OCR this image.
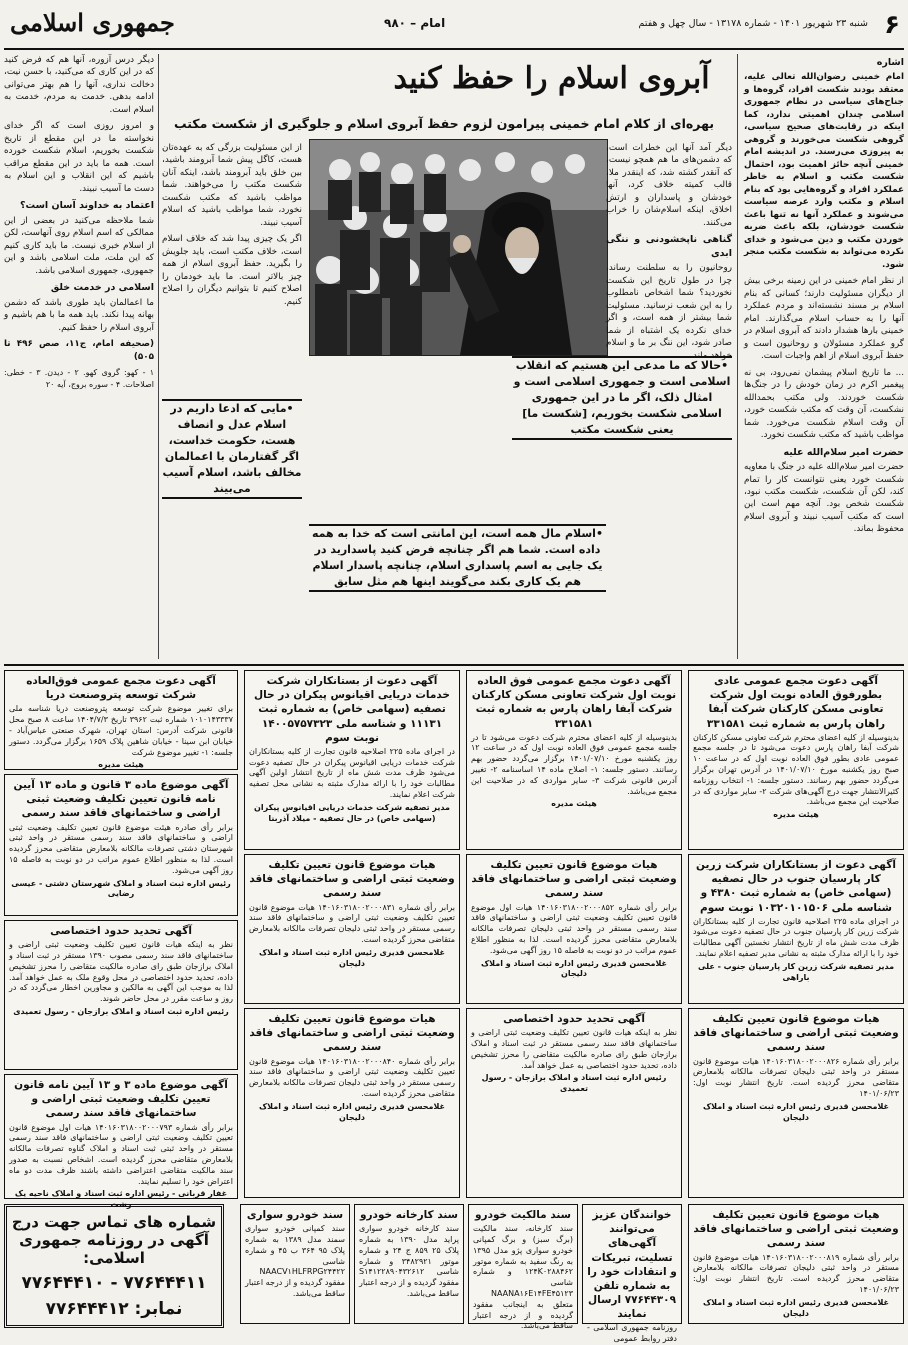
۶
شنبه ۲۳ شهریور ۱۴۰۱ - شماره ۱۳۱۷۸ - سال چهل و هفتم
امام – ۹۸۰
جمهوری اسلامی
اشاره

امام خمینی رضوان‌الله تعالی علیه، معتقد بودند شکست افراد، گروه‌ها و جناح‌های سیاسی در نظام جمهوری اسلامی چندان اهمیتی ندارد، کما اینکه در رقابت‌های صحیح سیاسی، گروهی شکست می‌خورند و گروهی به پیروزی می‌رسند. در اندیشه امام خمینی آنچه حائز اهمیت بود، احتمال شکست مکتب و اسلام به خاطر عملکرد افراد و گروه‌هایی بود که بنام اسلام و مکتب وارد عرصه سیاست می‌شوند و عملکرد آنها نه تنها باعث شکست خودشان، بلکه باعث ضربه خوردن مکتب و دین می‌شود و خدای نکرده می‌تواند به شکست مکتب منجر شود.

از نظر امام خمینی در این زمینه برخی بیش از دیگران مسئولیت دارند؛ کسانی که بنام اسلام بر مسند نشسته‌اند و مردم عملکرد آنها را به حساب اسلام می‌گذارند. امام خمینی بارها هشدار دادند که آبروی اسلام در گرو عملکرد مسئولان و روحانیون است و حفظ آبروی اسلام از اهم واجبات است.

... ما تاریخ اسلام پیشمان نمی‌رود، بی نه پیغمبر اکرم در زمان خودش را در جنگ‌ها شکست خوردند. ولی مکتب بحمدالله نشکست، آن وقت که مکتب شکست خورد، آن وقت اسلام شکست می‌خورد. شما مواظب باشید که مکتب شکست نخورد.

حضرت امیر سلام‌الله علیه

حضرت امیر سلام‌الله علیه در جنگ با معاویه شکست خورد یعنی نتوانست کار را تمام کند، لکن آن شکست، شکست مکتب نبود، شکست شخص بود. آنچه مهم است این است که مکتب آسیب نبیند و آبروی اسلام محفوظ بماند.

آبروی اسلام را حفظ کنید
بهره‌ای از کلام امام خمینی پیرامون لزوم حفظ آبروی اسلام و جلوگیری از شکست مکتب

دیگر آمد آنها این خطرات است، که دشمن‌های ما هم همچو نیست، که آنقدر کشته شد، که اینقدر ملا، قالب کمیته خلاف کرد، آنها خودشان و پاسداران و ارتش اخلاق، اینکه اسلام‌شان را خراب می‌کنند.

گناهی ناپخشودنی و ننگی ابدی

روحانیون را به سلطنت رساند، چرا در طول تاریخ این شکست نخوردید؟ شما اشخاص نامطلوب را به این شعب نرسانید. مسئولیت شما بیشتر از همه است، و اگر خدای نکرده یک اشتباه از شما صادر شود، این ننگ بر ما و اسلام خواهد ماند.

از این مسئولیت بزرگی که به عهده‌تان هست، کاگل پیش شما آبرومند باشید، بین خلق باید آبرومند باشد، اینکه آنان شکست مکتب را می‌خواهند. شما مواظب باشید که مکتب شکست نخورد، شما مواظب باشید که اسلام آسیب نبیند.

اگر یک چیزی پیدا شد که خلاف اسلام است، خلاف مکتب است، باید جلویش را بگیرید. حفظ آبروی اسلام از همه چیز بالاتر است. ما باید خودمان را اصلاح کنیم تا بتوانیم دیگران را اصلاح کنیم.

دیگر درس آزوره، آنها هم که فرض کنید که در این کاری که می‌کنید، با حسن نیت، دخالت نداری، آنها را هم بهتر می‌توانی ادامه بدهی. خدمت به مردم، خدمت به اسلام است.

و امروز روزی است که اگر خدای نخواسته ما در این مقطع از تاریخ شکست بخوریم، اسلام شکست خورده است. همه ما باید در این مقطع مراقب باشیم که این انقلاب و این اسلام به دست ما آسیب نبیند.

اعتماد به خداوند آسان است؟

شما ملاحظه می‌کنید در بعضی از این ممالکی که اسم اسلام روی آنهاست، لکن از اسلام خبری نیست. ما باید کاری کنیم که این ملت، ملت اسلامی باشد و این جمهوری، جمهوری اسلامی باشد.

اسلامی در خدمت خلق

ما اعمالمان باید طوری باشد که دشمن بهانه پیدا نکند. باید همه ما با هم باشیم و آبروی اسلام را حفظ کنیم.

(صحیفه امام، ج۱۱، صص ۴۹۶ تا ۵۰۵)

۱ - کهو: گروی کهو. ۲ - دیدن. ۳ - خطی: اصلاحات. ۴ - سوره بروج، آیه ۲۰

•حالا که ما مدعی این هستیم که انقلاب اسلامی است و جمهوری اسلامی است و امثال ذلک، اگر ما در این جمهوری اسلامی شکست بخوریم، [شکست ما] یعنی شکست مکتب
•مایی که ادعا داریم در اسلام عدل و انصاف هست، حکومت خداست، اگر گفتارمان با اعمالمان مخالف باشد، اسلام آسیب می‌بیند
•اسلام مال همه است، این امانتی است که خدا به همه داده است. شما هم اگر چنانچه فرض کنید پاسدارید در یک جایی به اسم پاسداری اسلام، چنانچه پاسدار اسلام هم یک کاری بکند می‌گویند اینها هم مثل سابق
آگهی دعوت مجمع عمومی عادی بطورفوق العاده نوبت اول شرکت تعاونی مسکن کارکنان شرکت آبفا راهان پارس به شماره ثبت ۳۳۱۵۸۱
بدینوسیله از کلیه اعضای محترم شرکت تعاونی مسکن کارکنان شرکت آبفا راهان پارس دعوت می‌شود تا در جلسه مجمع عمومی عادی بطور فوق العاده نوبت اول که در ساعت ۱۰ صبح روز یکشنبه مورخ ۱۴۰۱/۰۷/۱۰ در آدرس تهران برگزار می‌گردد حضور بهم رسانند. دستور جلسه: ۱- انتخاب روزنامه کثیرالانتشار جهت درج آگهی‌های شرکت ۲- سایر مواردی که در صلاحیت این مجمع می‌باشد.
هیئت مدیره
آگهی دعوت مجمع عمومی فوق العاده نوبت اول شرکت تعاونی مسکن کارکنان شرکت آبفا راهان پارس به شماره ثبت ۳۳۱۵۸۱
بدینوسیله از کلیه اعضای محترم شرکت دعوت می‌شود تا در جلسه مجمع عمومی فوق العاده نوبت اول که در ساعت ۱۲ روز یکشنبه مورخ ۱۴۰۱/۰۷/۱۰ برگزار می‌گردد حضور بهم رسانند. دستور جلسه: ۱- اصلاح ماده ۱۴ اساسنامه ۲- تغییر آدرس قانونی شرکت ۳- سایر مواردی که در صلاحیت این مجمع می‌باشد.
هیئت مدیره
آگهی دعوت از بستانکاران شرکت خدمات دریایی اقیانوس پیکران در حال تصفیه (سهامی خاص) به شماره ثبت ۱۱۱۳۱ و شناسه ملی ۱۴۰۰۵۷۵۷۳۲۳ نوبت سوم
در اجرای ماده ۲۲۵ اصلاحیه قانون تجارت از کلیه بستانکاران شرکت خدمات دریایی اقیانوس پیکران در حال تصفیه دعوت می‌شود ظرف مدت شش ماه از تاریخ انتشار اولین آگهی مطالبات خود را با ارائه مدارک مثبته به نشانی محل تصفیه شرکت اعلام نمایند.
مدیر تصفیه شرکت خدمات دریایی اقیانوس پیکران (سهامی خاص) در حال تصفیه - میلاد آذربنا
آگهی دعوت مجمع عمومی فوق‌العاده شرکت توسعه پتروصنعت دریا
برای تغییر موضوع شرکت توسعه پتروصنعت دریا شناسه ملی ۱۰۱۰۱۴۳۳۳۷ شماره ثبت ۳۹۶۲ تاریخ ۱۴۰۴/۷/۳ ساعت ۸ صبح محل قانونی شرکت آدرس: استان تهران، شهرک صنعتی عباس‌آباد - خیابان ابن سینا - خیابان شاهین پلاک ۱۶۵۹ برگزار می‌گردد. دستور جلسه: ۱- تغییر موضوع شرکت
هیئت مدیره
آگهی موضوع ماده ۳ قانون و ماده ۱۳ آیین نامه قانون تعیین تکلیف وضعیت ثبتی اراضی و ساختمانهای فاقد سند رسمی
برابر رأی صادره هیئت موضوع قانون تعیین تکلیف وضعیت ثبتی اراضی و ساختمانهای فاقد سند رسمی مستقر در واحد ثبتی شهرستان دشتی تصرفات مالکانه بلامعارض متقاضی محرز گردیده است. لذا به منظور اطلاع عموم مراتب در دو نوبت به فاصله ۱۵ روز آگهی می‌شود.
رئیس اداره ثبت اسناد و املاک شهرستان دشتی - عیسی رضایی
آگهی تحدید حدود اختصاصی
نظر به اینکه هیات قانون تعیین تکلیف وضعیت ثبتی اراضی و ساختمانهای فاقد سند رسمی مصوب ۱۳۹۰ مستقر در ثبت اسناد و املاک برازجان طبق رای صادره مالکیت متقاضی را محرز تشخیص داده، تحدید حدود اختصاصی در محل وقوع ملک به عمل خواهد آمد. لذا به موجب این آگهی به مالکین و مجاورین اخطار می‌گردد که در روز و ساعت مقرر در محل حاضر شوند.
رئیس اداره ثبت اسناد و املاک برازجان - رسول تعمیدی
آگهی موضوع ماده ۳ و ۱۳ آیین نامه قانون تعیین تکلیف وضعیت ثبتی اراضی و ساختمانهای فاقد سند رسمی
برابر رأی شماره ۱۴۰۱۶۰۳۱۸۰۰۲۰۰۰۷۹۳ هیات اول موضوع قانون تعیین تکلیف وضعیت ثبتی اراضی و ساختمانهای فاقد سند رسمی مستقر در واحد ثبتی ثبت اسناد و املاک گناوه تصرفات مالکانه بلامعارض متقاضی محرز گردیده است. اشخاص نسبت به صدور سند مالکیت متقاضی اعتراضی داشته باشند ظرف مدت دو ماه اعتراض خود را تسلیم نمایند.
غفار قربانی - رئیس اداره ثبت اسناد و املاک ناحیه یک رشت
آگهی دعوت از بستانکاران شرکت زرین کار پارسیان جنوب در حال تصفیه (سهامی خاص) به شماره ثبت ۴۳۸۰ و شناسه ملی ۱۰۳۲۰۱۰۱۵۰۶ نوبت سوم
در اجرای ماده ۲۲۵ اصلاحیه قانون تجارت از کلیه بستانکاران شرکت زرین کار پارسیان جنوب در حال تصفیه دعوت می‌شود ظرف مدت شش ماه از تاریخ انتشار نخستین آگهی مطالبات خود را با ارائه مدارک مثبته به نشانی مدیر تصفیه اعلام نمایند.
مدیر تصفیه شرکت زرین کار پارسیان جنوب - علی باراهی
هیات موضوع قانون تعیین تکلیف وضعیت ثبتی اراضی و ساختمانهای فاقد سند رسمی
برابر رأی شماره ۱۴۰۱۶۰۳۱۸۰۰۲۰۰۰۸۵۲ هیات اول موضوع قانون تعیین تکلیف وضعیت ثبتی اراضی و ساختمانهای فاقد سند رسمی مستقر در واحد ثبتی دلیجان تصرفات مالکانه بلامعارض متقاضی محرز گردیده است. لذا به منظور اطلاع عموم مراتب در دو نوبت به فاصله ۱۵ روز آگهی می‌شود.
غلامحسن قدیری رئیس اداره ثبت اسناد و املاک دلیجان
هیات موضوع قانون تعیین تکلیف وضعیت ثبتی اراضی و ساختمانهای فاقد سند رسمی
برابر رأی شماره ۱۴۰۱۶۰۳۱۸۰۰۲۰۰۰۸۳۱ هیات موضوع قانون تعیین تکلیف وضعیت ثبتی اراضی و ساختمانهای فاقد سند رسمی مستقر در واحد ثبتی دلیجان تصرفات مالکانه بلامعارض متقاضی محرز گردیده است.
غلامحسن قدیری رئیس اداره ثبت اسناد و املاک دلیجان
هیات موضوع قانون تعیین تکلیف وضعیت ثبتی اراضی و ساختمانهای فاقد سند رسمی
برابر رأی شماره ۱۴۰۱۶۰۳۱۸۰۰۲۰۰۰۸۴۰ هیات موضوع قانون تعیین تکلیف وضعیت ثبتی اراضی و ساختمانهای فاقد سند رسمی مستقر در واحد ثبتی دلیجان تصرفات مالکانه بلامعارض متقاضی محرز گردیده است.
غلامحسن قدیری رئیس اداره ثبت اسناد و املاک دلیجان
آگهی تحدید حدود اختصاصی
نظر به اینکه هیات قانون تعیین تکلیف وضعیت ثبتی اراضی و ساختمانهای فاقد سند رسمی مستقر در ثبت اسناد و املاک برازجان طبق رای صادره مالکیت متقاضی را محرز تشخیص داده، تحدید حدود اختصاصی به عمل خواهد آمد.
رئیس اداره ثبت اسناد و املاک برازجان - رسول تعمیدی
هیات موضوع قانون تعیین تکلیف وضعیت ثبتی اراضی و ساختمانهای فاقد سند رسمی
برابر رأی شماره ۱۴۰۱۶۰۳۱۸۰۰۲۰۰۰۸۲۶ هیات موضوع قانون مستقر در واحد ثبتی دلیجان تصرفات مالکانه بلامعارض متقاضی محرز گردیده است. تاریخ انتشار نوبت اول: ۱۴۰۱/۰۶/۲۳
غلامحسن قدیری رئیس اداره ثبت اسناد و املاک دلیجان
هیات موضوع قانون تعیین تکلیف وضعیت ثبتی اراضی و ساختمانهای فاقد سند رسمی
برابر رأی شماره ۱۴۰۱۶۰۳۱۸۰۰۲۰۰۰۸۱۹ هیات موضوع قانون مستقر در واحد ثبتی دلیجان تصرفات مالکانه بلامعارض متقاضی محرز گردیده است. تاریخ انتشار نوبت اول: ۱۴۰۱/۰۶/۲۳
غلامحسن قدیری رئیس اداره ثبت اسناد و املاک دلیجان
خوانندگان عزیز می‌توانند آگهی‌های تسلیت، تبریکات و انتقادات خود را به شماره تلفن ۷۷۶۴۴۳۰۹ ارسال نمایند
روزنامه جمهوری اسلامی - دفتر روابط عمومی
سند مالکیت خودرو
سند کارخانه، سند مالکیت (برگ سبز) و برگ کمپانی خودرو سواری پژو مدل ۱۳۹۵ به رنگ سفید به شماره موتور ۱۲۴K۰۲۸۸۴۶۲ و شماره شاسی NAANA۱۶E۱۴FE۴۵۱۲۳ متعلق به اینجانب مفقود گردیده و از درجه اعتبار ساقط می‌باشد.
سند کارخانه خودرو
سند کارخانه خودرو سواری پراید مدل ۱۳۹۰ به شماره پلاک ۲۵ ۸۵۹ ج ۲۴ و شماره موتور ۳۴۸۲۹۲۱ و شماره شاسی S۱۴۱۲۲۸۹۰۴۳۲۶۱۲ مفقود گردیده و از درجه اعتبار ساقط می‌باشد.
سند خودرو سواری
سند کمپانی خودرو سواری سمند مدل ۱۳۸۹ به شماره پلاک ۹۵ ۳۶۴ ب ۴۵ و شماره شاسی NAACV۱HLFRPG۲۴۴۲۲ مفقود گردیده و از درجه اعتبار ساقط می‌باشد.
شماره های تماس جهت درج آگهی در روزنامه جمهوری اسلامی:
۷۷۶۴۴۴۱۰ - ۷۷۶۴۴۴۱۱
نمابر: ۷۷۶۴۴۴۱۲
